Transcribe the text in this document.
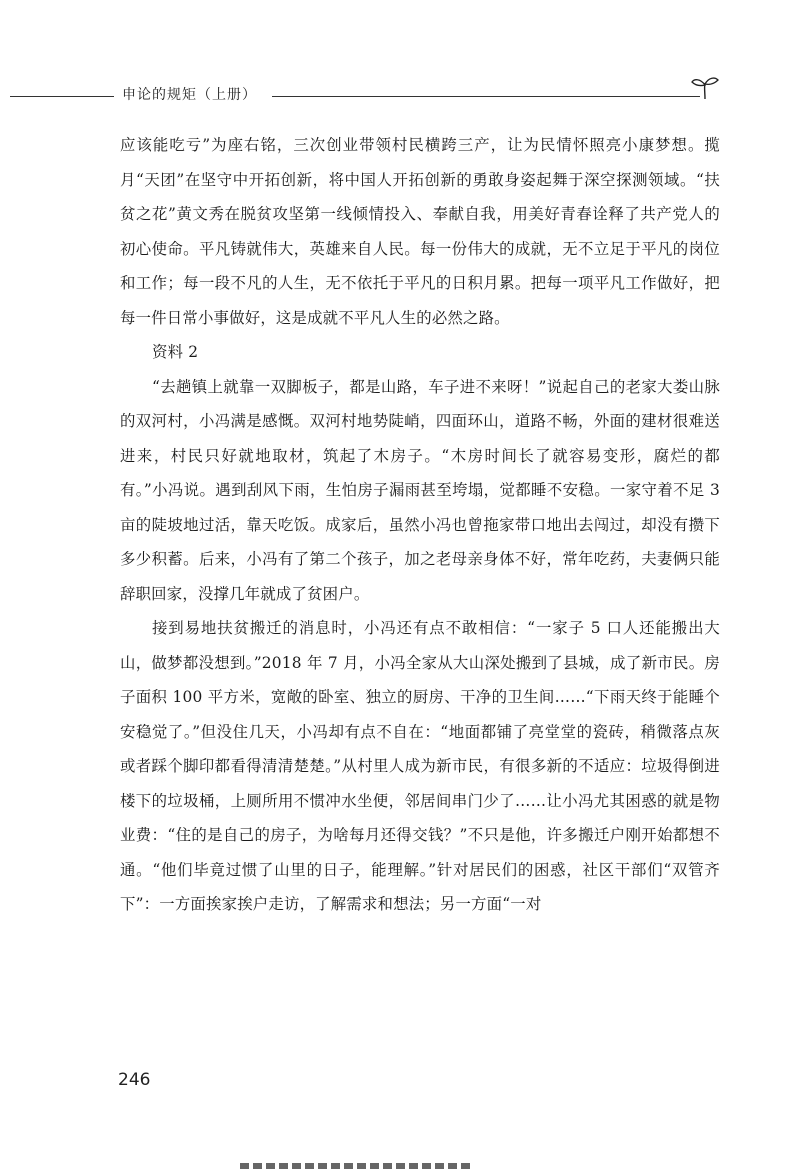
申论的规矩（上册）

应该能吃亏”为座右铭，三次创业带领村民横跨三产，让为民情怀照亮小康梦想。揽月“天团”在坚守中开拓创新，将中国人开拓创新的勇敢身姿起舞于深空探测领域。“扶贫之花”黄文秀在脱贫攻坚第一线倾情投入、奉献自我，用美好青春诠释了共产党人的初心使命。平凡铸就伟大，英雄来自人民。每一份伟大的成就，无不立足于平凡的岗位和工作；每一段不凡的人生，无不依托于平凡的日积月累。把每一项平凡工作做好，把每一件日常小事做好，这是成就不平凡人生的必然之路。

资料 2

“去趟镇上就靠一双脚板子，都是山路，车子进不来呀！”说起自己的老家大娄山脉的双河村，小冯满是感慨。双河村地势陡峭，四面环山，道路不畅，外面的建材很难送进来，村民只好就地取材，筑起了木房子。“木房时间长了就容易变形，腐烂的都有。”小冯说。遇到刮风下雨，生怕房子漏雨甚至垮塌，觉都睡不安稳。一家守着不足 3 亩的陡坡地过活，靠天吃饭。成家后，虽然小冯也曾拖家带口地出去闯过，却没有攒下多少积蓄。后来，小冯有了第二个孩子，加之老母亲身体不好，常年吃药，夫妻俩只能辞职回家，没撑几年就成了贫困户。

接到易地扶贫搬迁的消息时，小冯还有点不敢相信：“一家子 5 口人还能搬出大山，做梦都没想到。”2018 年 7 月，小冯全家从大山深处搬到了县城，成了新市民。房子面积 100 平方米，宽敞的卧室、独立的厨房、干净的卫生间……“下雨天终于能睡个安稳觉了。”但没住几天，小冯却有点不自在：“地面都铺了亮堂堂的瓷砖，稍微落点灰或者踩个脚印都看得清清楚楚。”从村里人成为新市民，有很多新的不适应：垃圾得倒进楼下的垃圾桶，上厕所用不惯冲水坐便，邻居间串门少了……让小冯尤其困惑的就是物业费：“住的是自己的房子，为啥每月还得交钱？”不只是他，许多搬迁户刚开始都想不通。“他们毕竟过惯了山里的日子，能理解。”针对居民们的困惑，社区干部们“双管齐下”：一方面挨家挨户走访，了解需求和想法；另一方面“一对

246
